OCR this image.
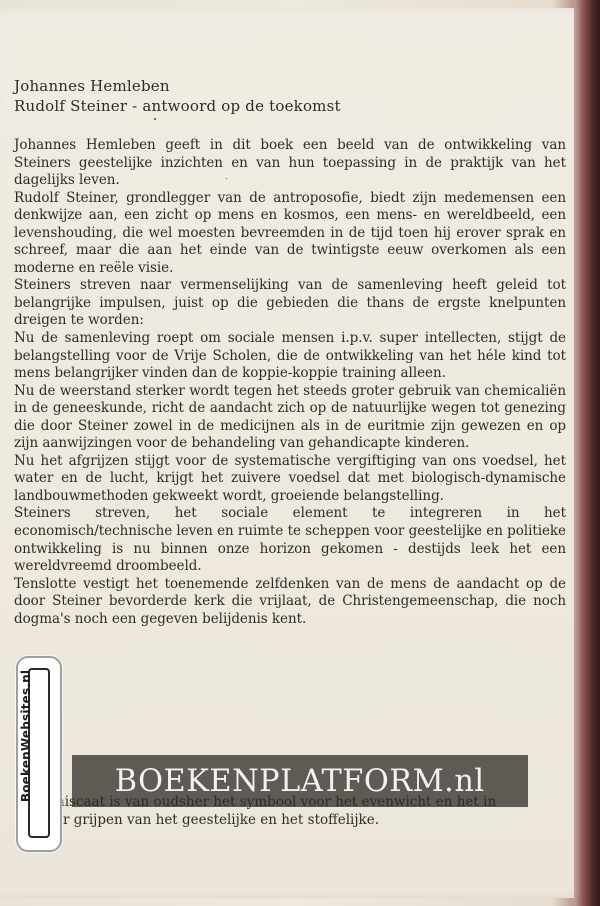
Johannes Hemleben
Rudolf Steiner - antwoord op de toekomst

Johannes Hemleben geeft in dit boek een beeld van de ontwikkeling van Steiners geestelijke inzichten en van hun toepassing in de praktijk van het dagelijks leven.

Rudolf Steiner, grondlegger van de antroposofie, biedt zijn medemensen een denkwijze aan, een zicht op mens en kosmos, een mens- en wereldbeeld, een levenshouding, die wel moesten bevreemden in de tijd toen hij erover sprak en schreef, maar die aan het einde van de twintigste eeuw overkomen als een moderne en reële visie.

Steiners streven naar vermenselijking van de samenleving heeft geleid tot belangrijke impulsen, juist op die gebieden die thans de ergste knelpunten dreigen te worden:

Nu de samenleving roept om sociale mensen i.p.v. super intellecten, stijgt de belangstelling voor de Vrije Scholen, die de ontwikkeling van het héle kind tot mens belangrijker vinden dan de koppie-koppie training alleen.

Nu de weerstand sterker wordt tegen het steeds groter gebruik van chemicaliën in de geneeskunde, richt de aandacht zich op de natuurlijke wegen tot genezing die door Steiner zowel in de medicijnen als in de euritmie zijn gewezen en op zijn aanwijzingen voor de behandeling van gehandicapte kinderen.

Nu het afgrijzen stijgt voor de systematische vergiftiging van ons voedsel, het water en de lucht, krijgt het zuivere voedsel dat met biologisch-dynamische landbouwmethoden gekweekt wordt, groeiende belangstelling.

Steiners streven, het sociale element te integreren in het economisch/technische leven en ruimte te scheppen voor geestelijke en politieke ontwikkeling is nu binnen onze horizon gekomen - destijds leek het een wereldvreemd droombeeld.

Tenslotte vestigt het toenemende zelfdenken van de mens de aandacht op de door Steiner bevorderde kerk die vrijlaat, de Christengemeenschap, die noch dogma's noch een gegeven belijdenis kent.

r grijpen van het geestelijke en het stoffelijke.
BOEKENPLATFORM.nl
BoekenWebsites.nl
